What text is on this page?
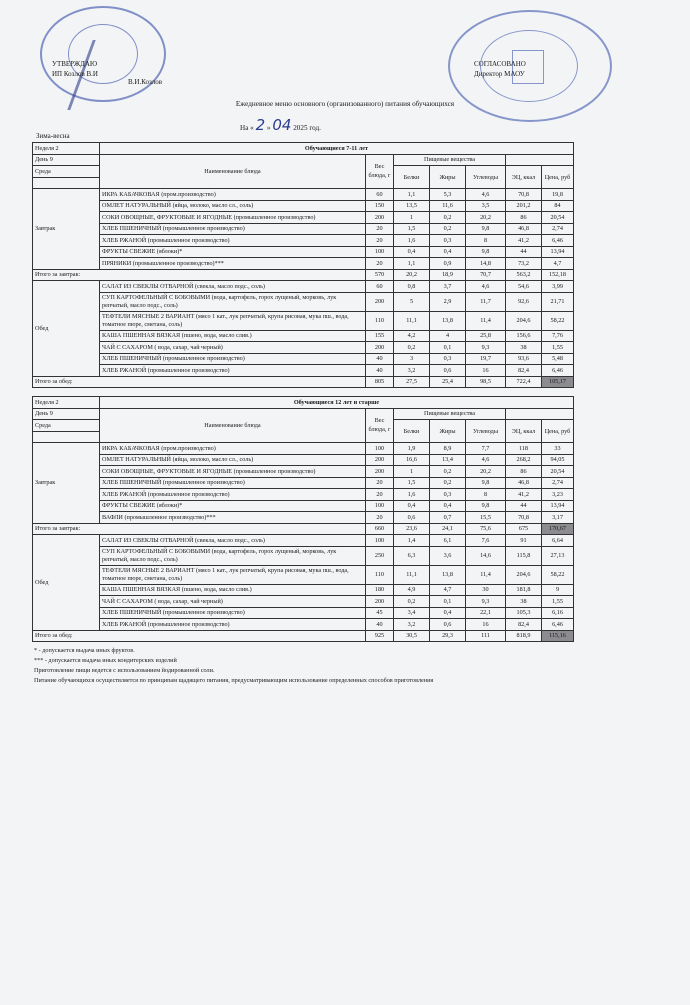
УТВЕРЖДАЮ
ИП Козлов В.И
В.И.Козлов
СОГЛАСОВАНО
Директор МАОУ
Ежедневное меню основного (организованного) питания обучающихся
На « 2 » 04 2025 год.
Зима-весна
Неделя 2	Обучающиеся 7-11 лет						
День 9	Наименование блюда	Вес блюда, г	Пищевые вещества				
Среда			Белки	Жиры	Углеводы	ЭЦ, ккал	Цена, руб

Завтрак	ИКРА КАБАЧКОВАЯ (пром.производство)	60	1,1	5,3	4,6	70,8	19,8
	ОМЛЕТ НАТУРАЛЬНЫЙ (яйца, молоко, масло сл., соль)	150	13,5	11,6	3,5	201,2	84
	СОКИ ОВОЩНЫЕ, ФРУКТОВЫЕ И ЯГОДНЫЕ (промышленное производство)	200	1	0,2	20,2	86	20,54
	ХЛЕБ ПШЕНИЧНЫЙ (промышленное производство)	20	1,5	0,2	9,8	46,8	2,74
	ХЛЕБ РЖАНОЙ (промышленное производство)	20	1,6	0,3	8	41,2	6,46
	ФРУКТЫ СВЕЖИЕ (яблоки)*	100	0,4	0,4	9,8	44	13,94
	ПРЯНИКИ (промышленное производство)***	20	1,1	0,9	14,8	73,2	4,7
Итого за завтрак:		570	20,2	18,9	70,7	563,2	152,18
Обед	САЛАТ ИЗ СВЕКЛЫ ОТВАРНОЙ (свекла, масло подс., соль)	60	0,8	3,7	4,6	54,6	3,99
	СУП КАРТОФЕЛЬНЫЙ С БОБОВЫМИ (вода, картофель, горох лущеный, морковь, лук репчатый, масло подс., соль)	200	5	2,9	11,7	92,6	21,71
	ТЕФТЕЛИ МЯСНЫЕ 2 ВАРИАНТ (мясо 1 кат., лук репчатый, крупа рисовая, мука пш., вода, томатное пюре, сметана, соль)	110	11,1	13,8	11,4	204,6	58,22
	КАША ПШЕННАЯ ВЯЗКАЯ (пшено, вода, масло слив.)	155	4,2	4	25,8	156,6	7,76
	ЧАЙ С САХАРОМ ( вода, сахар, чай черный)	200	0,2	0,1	9,3	38	1,55
	ХЛЕБ ПШЕНИЧНЫЙ (промышленное производство)	40	3	0,3	19,7	93,6	5,48
	ХЛЕБ РЖАНОЙ (промышленное производство)	40	3,2	0,6	16	82,4	6,46
Итого за обед:		805	27,5	25,4	98,5	722,4	105,17
Неделя 2	Обучающиеся 12 лет и старше						
День 9	Наименование блюда	Вес блюда, г	Пищевые вещества				
Среда			Белки	Жиры	Углеводы	ЭЦ, ккал	Цена, руб

Завтрак	ИКРА КАБАЧКОВАЯ (пром.производство)	100	1,9	8,9	7,7	118	33
	ОМЛЕТ НАТУРАЛЬНЫЙ (яйца, молоко, масло сл., соль)	200	16,6	13,4	4,6	268,2	94,05
	СОКИ ОВОЩНЫЕ, ФРУКТОВЫЕ И ЯГОДНЫЕ (промышленное производство)	200	1	0,2	20,2	86	20,54
	ХЛЕБ ПШЕНИЧНЫЙ (промышленное производство)	20	1,5	0,2	9,8	46,8	2,74
	ХЛЕБ РЖАНОЙ (промышленное производство)	20	1,6	0,3	8	41,2	3,23
	ФРУКТЫ СВЕЖИЕ (яблоки)*	100	0,4	0,4	9,8	44	13,94
	ВАФЛИ (промышленное производство)***	20	0,6	0,7	15,5	70,8	3,17
Итого за завтрак:		660	23,6	24,1	75,6	675	170,67
Обед	САЛАТ ИЗ СВЕКЛЫ ОТВАРНОЙ (свекла, масло подс., соль)	100	1,4	6,1	7,6	91	6,64
	СУП КАРТОФЕЛЬНЫЙ С БОБОВЫМИ (вода, картофель, горох лущеный, морковь, лук репчатый, масло подс., соль)	250	6,3	3,6	14,6	115,8	27,13
	ТЕФТЕЛИ МЯСНЫЕ 2 ВАРИАНТ (мясо 1 кат., лук репчатый, крупа рисовая, мука пш., вода, томатное пюре, сметана, соль)	110	11,1	13,8	11,4	204,6	58,22
	КАША ПШЕННАЯ ВЯЗКАЯ (пшено, вода, масло слив.)	180	4,9	4,7	30	181,8	9
	ЧАЙ С САХАРОМ ( вода, сахар, чай черный)	200	0,2	0,1	9,3	38	1,55
	ХЛЕБ ПШЕНИЧНЫЙ (промышленное производство)	45	3,4	0,4	22,1	105,3	6,16
	ХЛЕБ РЖАНОЙ (промышленное производство)	40	3,2	0,6	16	82,4	6,46
Итого за обед:		925	30,5	29,3	111	818,9	115,16
* - допускается выдача иных фруктов.
*** - допускается выдача иных кондитерских изделий
Приготовление пищи ведется с использованием йодированной соли.
Питание обучающихся осуществляется по принципам щадящего питания, предусматривающим использование определенных способов приготовления
